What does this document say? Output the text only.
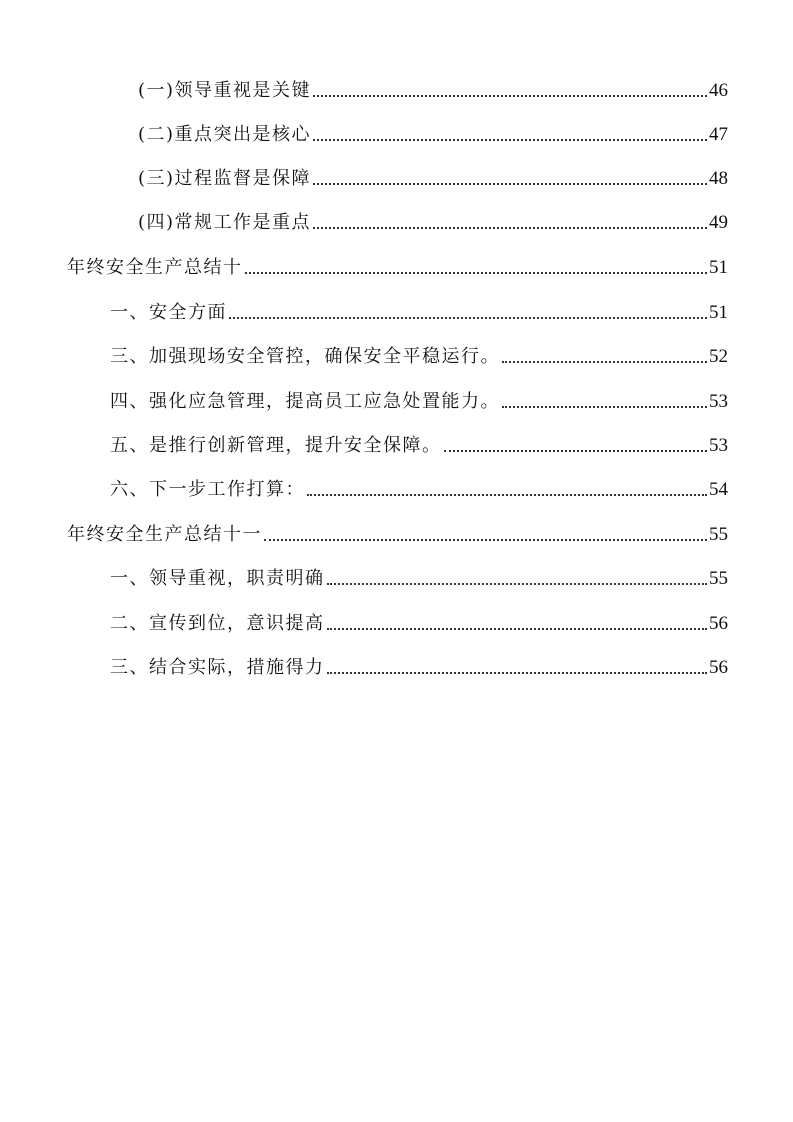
(一)领导重视是关键	46
(二)重点突出是核心	47
(三)过程监督是保障	48
(四)常规工作是重点	49
年终安全生产总结十	51
一、安全方面	51
三、加强现场安全管控，确保安全平稳运行。	52
四、强化应急管理，提高员工应急处置能力。	53
五、是推行创新管理，提升安全保障。	53
六、下一步工作打算：	54
年终安全生产总结十一	55
一、领导重视，职责明确	55
二、宣传到位，意识提高	56
三、结合实际，措施得力	56
